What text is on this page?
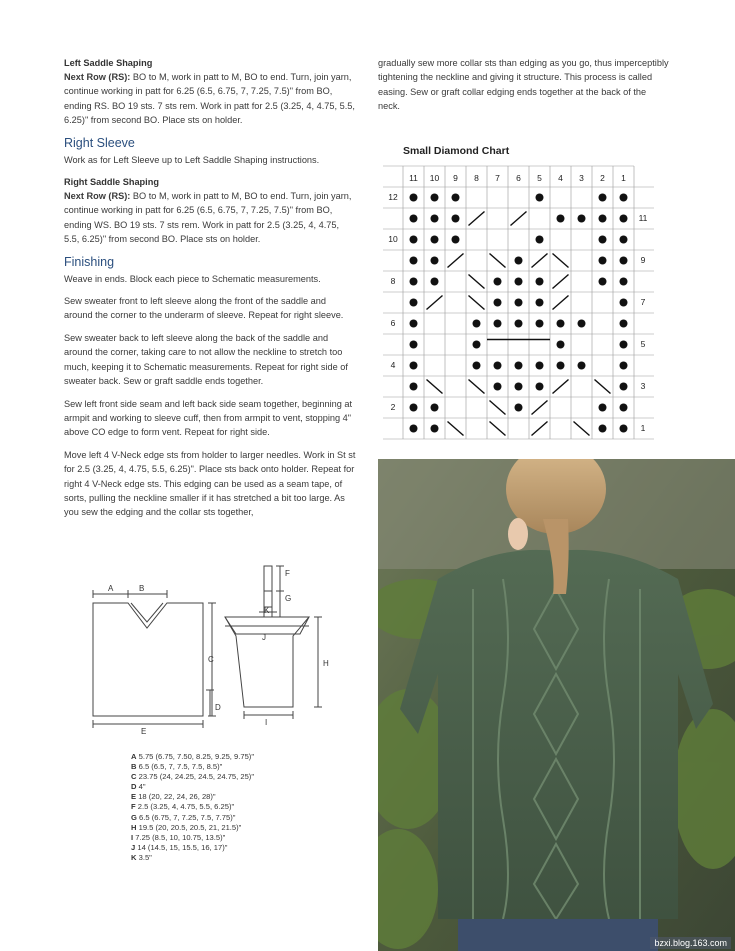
Left Saddle Shaping

Next Row (RS): BO to M, work in patt to M, BO to end. Turn, join yarn, continue working in patt for 6.25 (6.5, 6.75, 7, 7.25, 7.5)" from BO, ending RS. BO 19 sts. 7 sts rem. Work in patt for 2.5 (3.25, 4, 4.75, 5.5, 6.25)" from second BO. Place sts on holder.

Right Sleeve

Work as for Left Sleeve up to Left Saddle Shaping instructions.

Right Saddle Shaping

Next Row (RS): BO to M, work in patt to M, BO to end. Turn, join yarn, continue working in patt for 6.25 (6.5, 6.75, 7, 7.25, 7.5)" from BO, ending WS. BO 19 sts. 7 sts rem. Work in patt for 2.5 (3.25, 4, 4.75, 5.5, 6.25)" from second BO. Place sts on holder.

Finishing

Weave in ends. Block each piece to Schematic measurements.

Sew sweater front to left sleeve along the front of the saddle and around the corner to the underarm of sleeve. Repeat for right sleeve.

Sew sweater back to left sleeve along the back of the saddle and around the corner, taking care to not allow the neckline to stretch too much, keeping it to Schematic measurements. Repeat for right side of sweater back. Sew or graft saddle ends together.

Sew left front side seam and left back side seam together, beginning at armpit and working to sleeve cuff, then from armpit to vent, stopping 4" above CO edge to form vent. Repeat for right side.

Move left 4 V-Neck edge sts from holder to larger needles. Work in St st for 2.5 (3.25, 4, 4.75, 5.5, 6.25)". Place sts back onto holder. Repeat for right 4 V-Neck edge sts. This edging can be used as a seam tape, of sorts, pulling the neckline smaller if it has stretched a bit too large. As you sew the edging and the collar sts together,

gradually sew more collar sts than edging as you go, thus imperceptibly tightening the neckline and giving it structure. This process is called easing. Sew or graft collar edging ends together at the back of the neck.

Small Diamond Chart
11 10 9 8 7 6 5 4 3 2 1
12
10
8
6
4
2
11
9
7
5
3
1
A	B
C
D
E
F
G
H
I
J
K
A 5.75 (6.75, 7.50, 8.25, 9.25, 9.75)"
B 6.5 (6.5, 7, 7.5, 7.5, 8.5)"
C 23.75 (24, 24.25, 24.5, 24.75, 25)"
D 4"
E 18 (20, 22, 24, 26, 28)"
F 2.5 (3.25, 4, 4.75, 5.5, 6.25)"
G 6.5 (6.75, 7, 7.25, 7.5, 7.75)"
H 19.5 (20, 20.5, 20.5, 21, 21.5)"
I 7.25 (8.5, 10, 10.75, 13.5)"
J 14 (14.5, 15, 15.5, 16, 17)"
K 3.5"
bzxi.blog.163.com
